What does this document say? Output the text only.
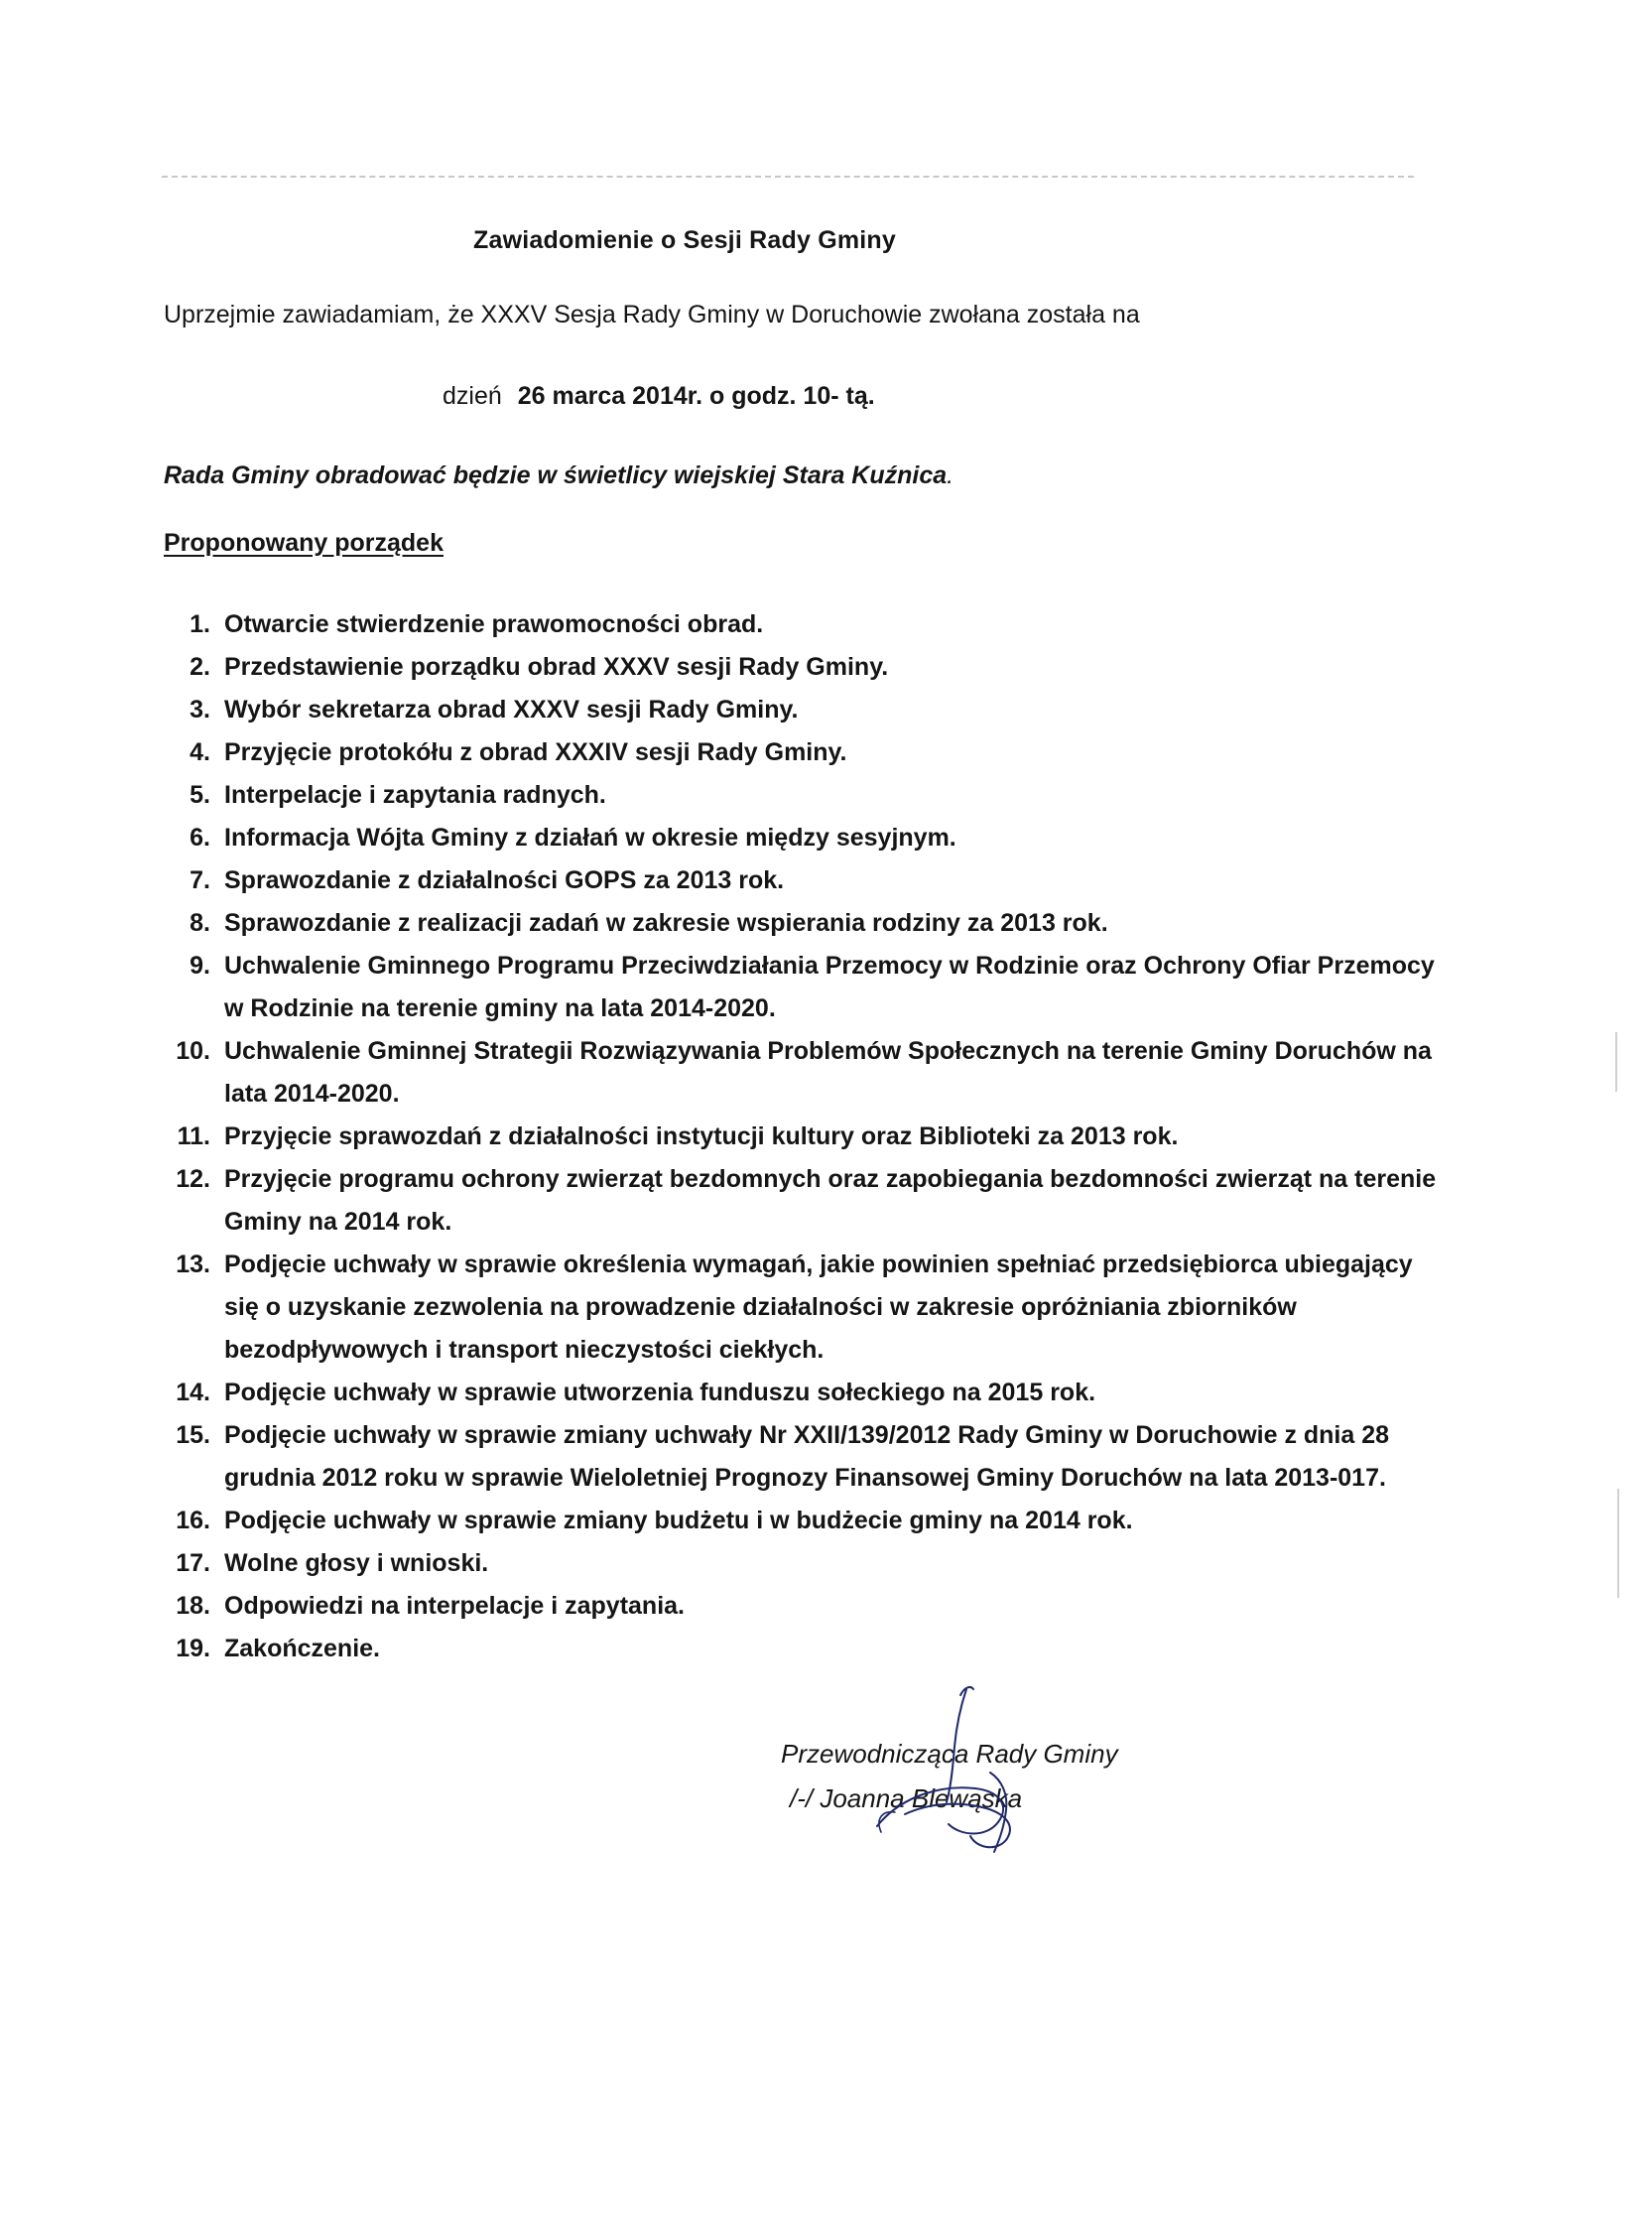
Zawiadomienie o Sesji Rady Gminy
Uprzejmie zawiadamiam, że XXXV Sesja Rady Gminy w Doruchowie zwołana została na
dzień 26 marca 2014r. o godz. 10- tą.
Rada Gminy obradować będzie w świetlicy wiejskiej Stara Kuźnica.
Proponowany porządek
1. Otwarcie stwierdzenie prawomocności obrad.
2. Przedstawienie porządku obrad XXXV sesji Rady Gminy.
3. Wybór sekretarza obrad XXXV sesji Rady Gminy.
4. Przyjęcie protokółu z obrad XXXIV sesji Rady Gminy.
5. Interpelacje i zapytania radnych.
6. Informacja Wójta Gminy z działań w okresie między sesyjnym.
7. Sprawozdanie z działalności GOPS za 2013 rok.
8. Sprawozdanie z realizacji zadań w zakresie wspierania rodziny za 2013 rok.
9. Uchwalenie Gminnego Programu Przeciwdziałania Przemocy w Rodzinie oraz Ochrony Ofiar Przemocy w Rodzinie na terenie gminy na lata 2014-2020.
10. Uchwalenie Gminnej Strategii Rozwiązywania Problemów Społecznych na terenie Gminy Doruchów na lata 2014-2020.
11. Przyjęcie sprawozdań z działalności instytucji kultury oraz Biblioteki za 2013 rok.
12. Przyjęcie programu ochrony zwierząt bezdomnych oraz zapobiegania bezdomności zwierząt na terenie Gminy na 2014 rok.
13. Podjęcie uchwały w sprawie określenia wymagań, jakie powinien spełniać przedsiębiorca ubiegający się o uzyskanie zezwolenia na prowadzenie działalności w zakresie opróżniania zbiorników bezodpływowych i transport nieczystości ciekłych.
14. Podjęcie uchwały w sprawie utworzenia funduszu sołeckiego na 2015 rok.
15. Podjęcie uchwały w sprawie zmiany uchwały Nr XXII/139/2012 Rady Gminy w Doruchowie z dnia 28 grudnia 2012 roku w sprawie Wieloletniej Prognozy Finansowej Gminy Doruchów na lata 2013-017.
16. Podjęcie uchwały w sprawie zmiany budżetu i w budżecie gminy na 2014 rok.
17. Wolne głosy i wnioski.
18. Odpowiedzi na interpelacje i zapytania.
19. Zakończenie.
Przewodnicząca Rady Gminy
/-/ Joanna Blewąska
